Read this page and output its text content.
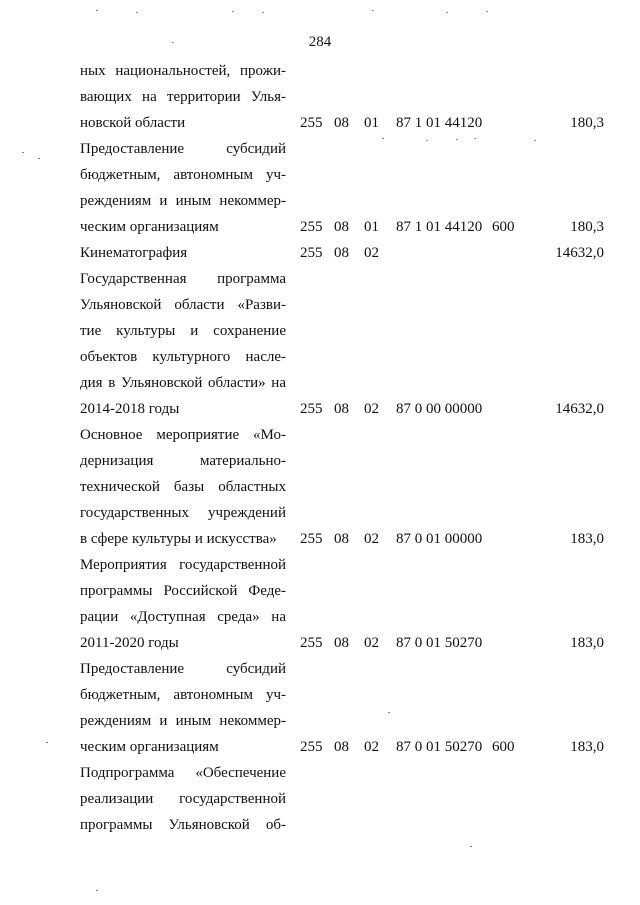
284
ных национальностей, прожи-
вающих на территории Улья-
новской области	255 08 01 87 1 01 44120	180,3
Предоставление субсидий
бюджетным, автономным уч-
реждениям и иным некоммер-
ческим организациям	255 08 01 87 1 01 44120 600	180,3
Кинематография	255 08 02	14632,0
Государственная программа
Ульяновской области «Разви-
тие культуры и сохранение
объектов культурного насле-
дия в Ульяновской области» на
2014-2018 годы	255 08 02 87 0 00 00000	14632,0
Основное мероприятие «Мо-
дернизация материально-
технической базы областных
государственных учреждений
в сфере культуры и искусства»	255 08 02 87 0 01 00000	183,0
Мероприятия государственной
программы Российской Феде-
рации «Доступная среда» на
2011-2020 годы	255 08 02 87 0 01 50270	183,0
Предоставление субсидий
бюджетным, автономным уч-
реждениям и иным некоммер-
ческим организациям	255 08 02 87 0 01 50270 600	183,0
Подпрограмма «Обеспечение
реализации государственной
программы Ульяновской об-
